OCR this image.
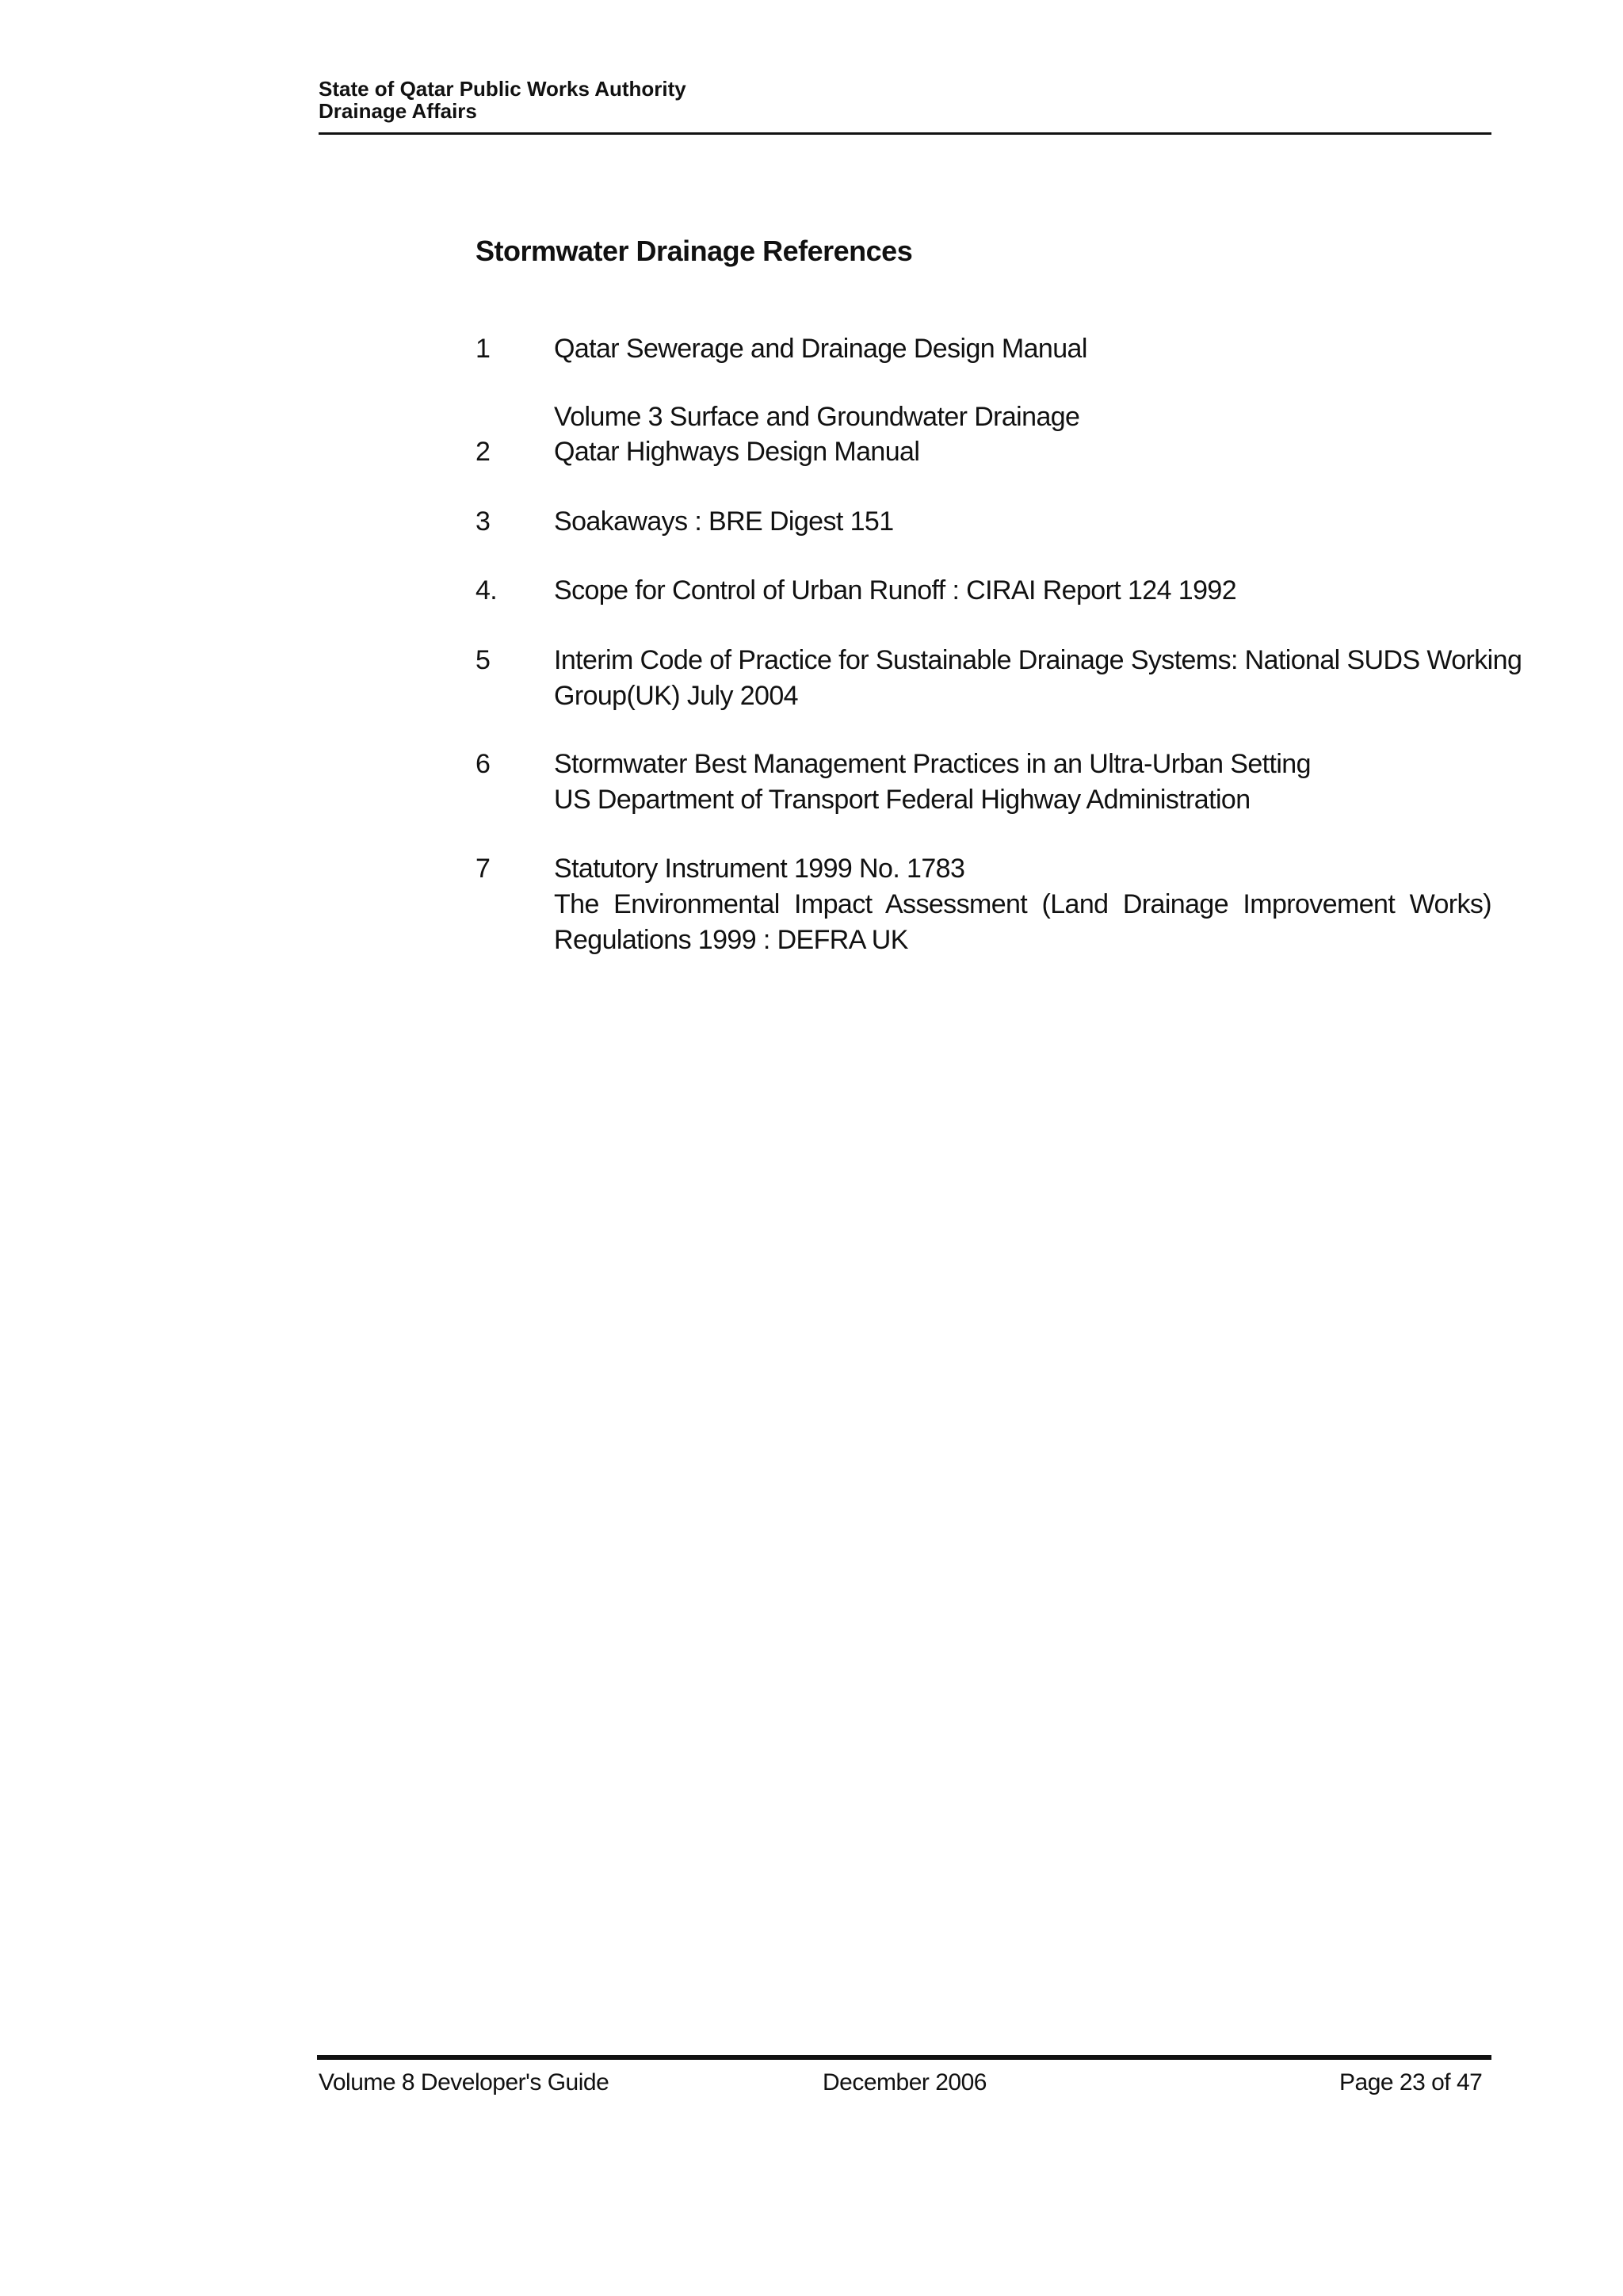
State of Qatar Public Works Authority
Drainage Affairs
Stormwater Drainage References
1	Qatar Sewerage and Drainage Design Manual
Volume 3 Surface and Groundwater Drainage
2	Qatar Highways Design Manual
3	Soakaways : BRE Digest 151
4.	Scope for Control of Urban Runoff : CIRAI Report 124 1992
5	Interim Code of Practice for Sustainable Drainage Systems: National SUDS Working
Group(UK) July 2004
6	Stormwater Best Management Practices in an Ultra-Urban Setting
US Department of Transport Federal Highway Administration
7	Statutory Instrument 1999 No. 1783
The Environmental Impact Assessment (Land Drainage Improvement Works)
Regulations 1999 : DEFRA UK
Volume 8 Developer's Guide	December 2006	Page 23 of 47
